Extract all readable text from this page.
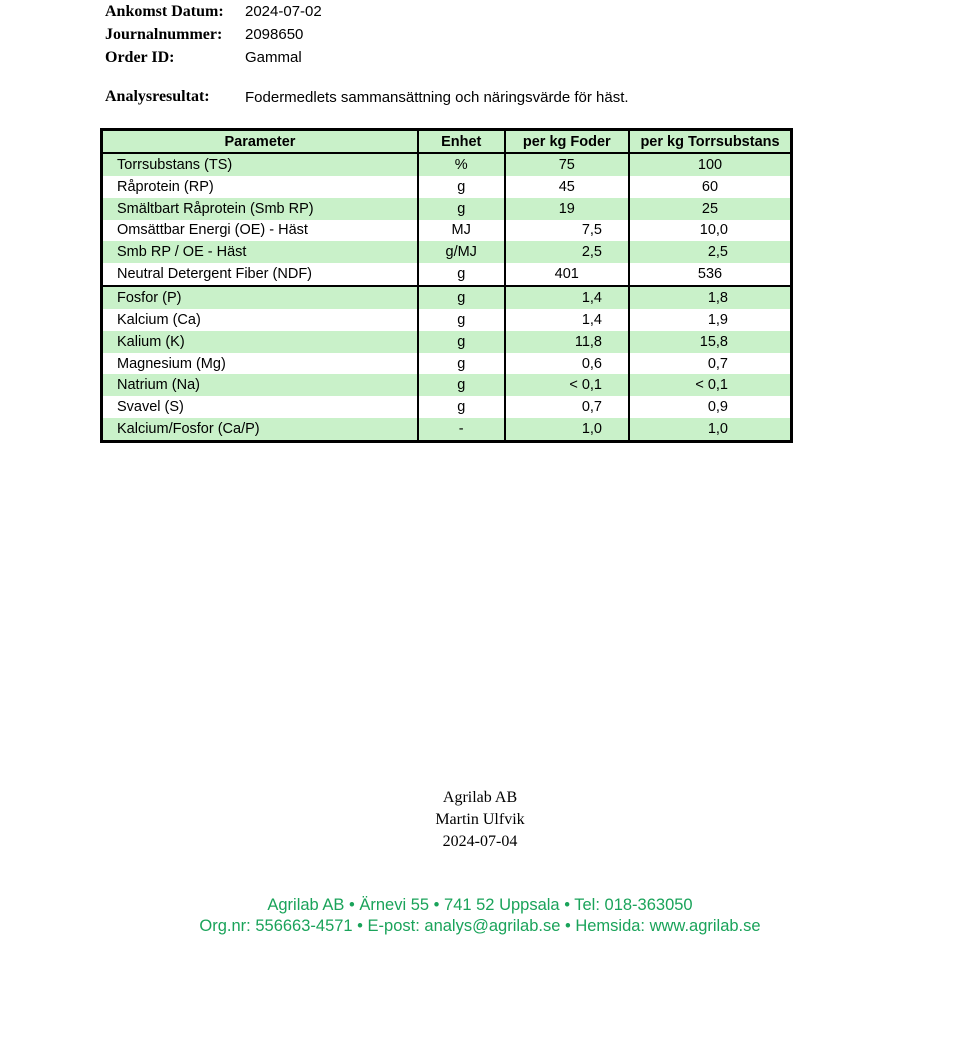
Ankomst Datum:	2024-07-02
Journalnummer:	2098650
Order ID:	Gammal
Analysresultat:	Fodermedlets sammansättning och näringsvärde för häst.
Parameter	Enhet	per kg Foder	per kg Torrsubstans
Torrsubstans (TS)	%	75	100
Råprotein (RP)	g	45	60
Smältbart Råprotein (Smb RP)	g	19	25
Omsättbar Energi (OE) - Häst	MJ	7,5	10,0
Smb RP / OE - Häst	g/MJ	2,5	2,5
Neutral Detergent Fiber (NDF)	g	401	536
Fosfor (P)	g	1,4	1,8
Kalcium (Ca)	g	1,4	1,9
Kalium (K)	g	11,8	15,8
Magnesium (Mg)	g	0,6	0,7
Natrium (Na)	g	< 0,1	< 0,1
Svavel (S)	g	0,7	0,9
Kalcium/Fosfor (Ca/P)	-	1,0	1,0
Agrilab AB
Martin Ulfvik
2024-07-04
Agrilab AB • Ärnevi 55 • 741 52 Uppsala • Tel: 018-363050
Org.nr: 556663-4571 • E-post: analys@agrilab.se • Hemsida: www.agrilab.se
